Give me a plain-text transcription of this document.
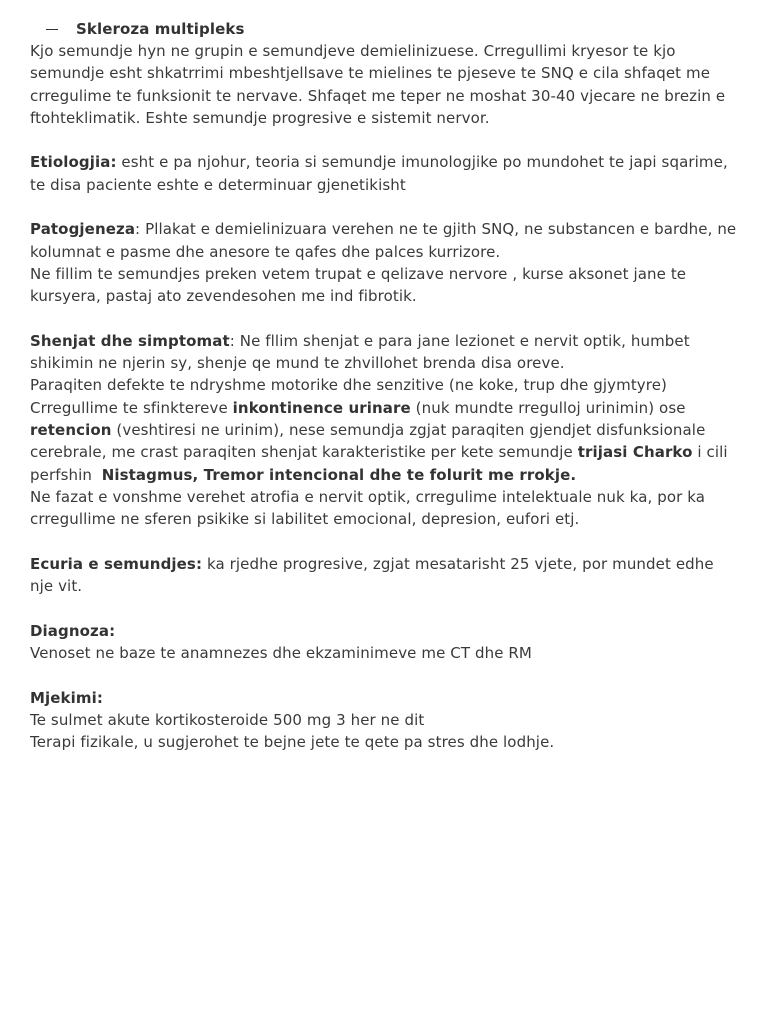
Skleroza multipleks

Kjo semundje hyn ne grupin e semundjeve demielinizuese. Crregullimi kryesor te kjo semundje esht shkatrrimi mbeshtjellsave te mielines te pjeseve te SNQ e cila shfaqet me crregulime te funksionit te nervave. Shfaqet me teper ne moshat 30-40 vjecare ne brezin e ftohteklimatik. Eshte semundje progresive e sistemit nervor.

Etiologjia: esht e pa njohur, teoria si semundje imunologjike po mundohet te japi sqarime, te disa paciente eshte e determinuar gjenetikisht

Patogjeneza: Pllakat e demielinizuara verehen ne te gjith SNQ, ne substancen e bardhe, ne kolumnat e pasme dhe anesore te qafes dhe palces kurrizore.

Ne fillim te semundjes preken vetem trupat e qelizave nervore , kurse aksonet jane te kursyera, pastaj ato zevendesohen me ind fibrotik.

Shenjat dhe simptomat: Ne fllim shenjat e para jane lezionet e nervit optik, humbet shikimin ne njerin sy, shenje qe mund te zhvillohet brenda disa oreve.

Paraqiten defekte te ndryshme motorike dhe senzitive (ne koke, trup dhe gjymtyre)

Crregullime te sfinktereve inkontinence urinare (nuk mundte rregulloj urinimin) ose retencion (veshtiresi ne urinim), nese semundja zgjat paraqiten gjendjet disfunksionale cerebrale, me crast paraqiten shenjat karakteristike per kete semundje trijasi Charko i cili perfshin  Nistagmus, Tremor intencional dhe te folurit me rrokje.

Ne fazat e vonshme verehet atrofia e nervit optik, crregulime intelektuale nuk ka, por ka crregullime ne sferen psikike si labilitet emocional, depresion, eufori etj.

Ecuria e semundjes: ka rjedhe progresive, zgjat mesatarisht 25 vjete, por mundet edhe nje vit.

Diagnoza:

Venoset ne baze te anamnezes dhe ekzaminimeve me CT dhe RM

Mjekimi:

Te sulmet akute kortikosteroide 500 mg 3 her ne dit

Terapi fizikale, u sugjerohet te bejne jete te qete pa stres dhe lodhje.
